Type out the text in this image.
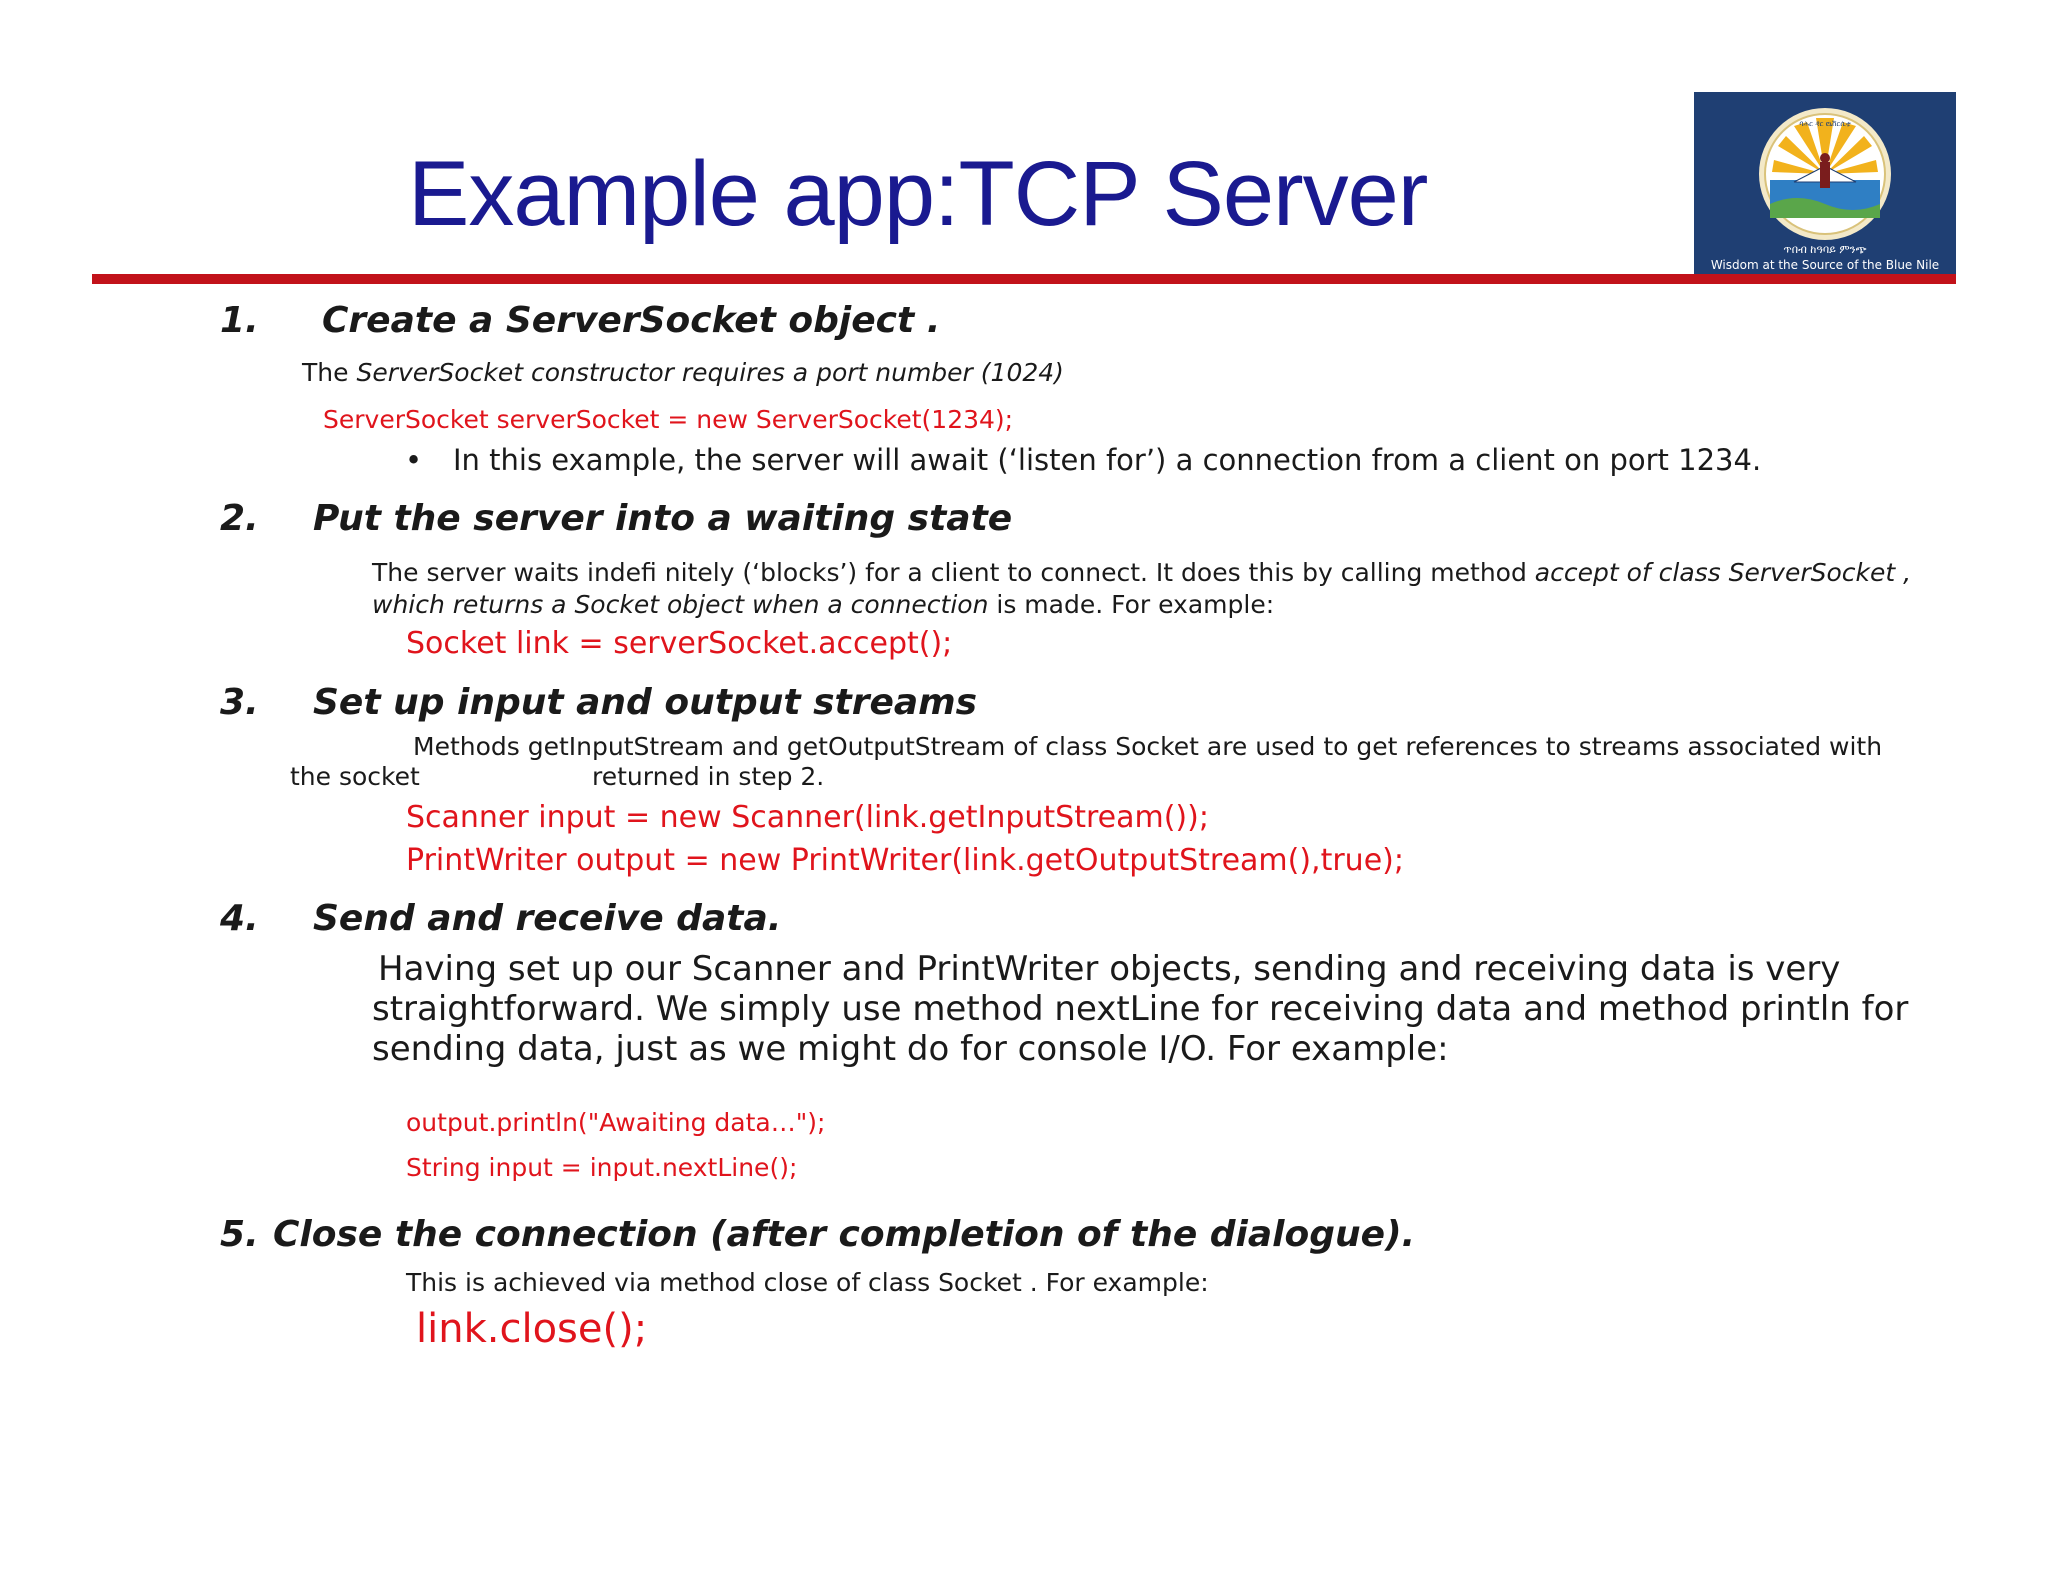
Example app:TCP Server
ባሕር ዳር ዩኒቨርሲቲ
ጥበብ ከዓባይ ምንጭ
Wisdom at the Source of the Blue Nile
1. Create a ServerSocket object .
The ServerSocket constructor requires a port number (1024)
ServerSocket serverSocket = new ServerSocket(1234);
• In this example, the server will await (‘listen for’) a connection from a client on port 1234.
2. Put the server into a waiting state
The server waits indefi nitely (‘blocks’) for a client to connect. It does this by calling method accept of class ServerSocket ,
which returns a Socket object when a connection is made. For example:
Socket link = serverSocket.accept();
3. Set up input and output streams
Methods getInputStream and getOutputStream of class Socket are used to get references to streams associated with
the socket	returned in step 2.
Scanner input = new Scanner(link.getInputStream());
PrintWriter output = new PrintWriter(link.getOutputStream(),true);
4. Send and receive data.
Having set up our Scanner and PrintWriter objects, sending and receiving data is very
straightforward. We simply use method nextLine for receiving data and method println for
sending data, just as we might do for console I/O. For example:
output.println("Awaiting data…");
String input = input.nextLine();
5. Close the connection (after completion of the dialogue).
This is achieved via method close of class Socket . For example:
link.close();
